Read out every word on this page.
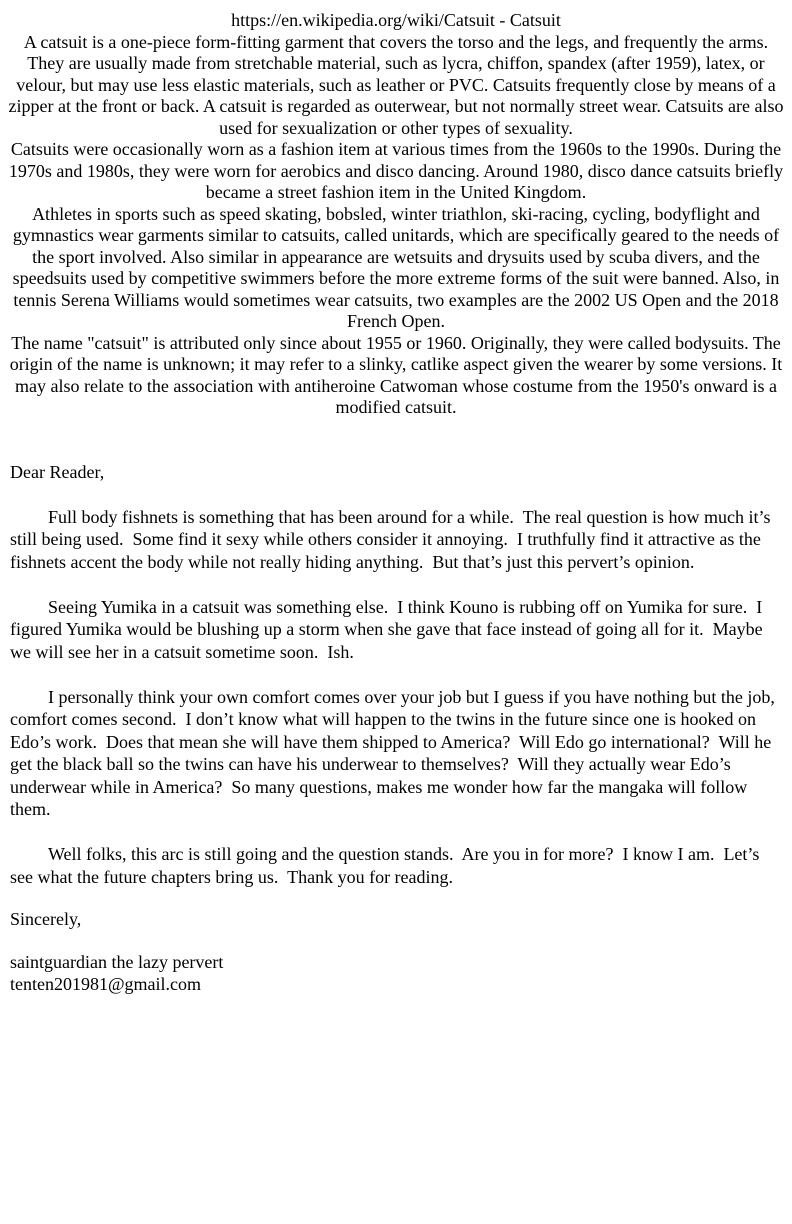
https://en.wikipedia.org/wiki/Catsuit - Catsuit

A catsuit is a one-piece form-fitting garment that covers the torso and the legs, and frequently the arms. They are usually made from stretchable material, such as lycra, chiffon, spandex (after 1959), latex, or velour, but may use less elastic materials, such as leather or PVC. Catsuits frequently close by means of a zipper at the front or back. A catsuit is regarded as outerwear, but not normally street wear. Catsuits are also used for sexualization or other types of sexuality.

Catsuits were occasionally worn as a fashion item at various times from the 1960s to the 1990s. During the 1970s and 1980s, they were worn for aerobics and disco dancing. Around 1980, disco dance catsuits briefly became a street fashion item in the United Kingdom.

Athletes in sports such as speed skating, bobsled, winter triathlon, ski-racing, cycling, bodyflight and gymnastics wear garments similar to catsuits, called unitards, which are specifically geared to the needs of the sport involved. Also similar in appearance are wetsuits and drysuits used by scuba divers, and the speedsuits used by competitive swimmers before the more extreme forms of the suit were banned. Also, in tennis Serena Williams would sometimes wear catsuits, two examples are the 2002 US Open and the 2018 French Open.

The name "catsuit" is attributed only since about 1955 or 1960. Originally, they were called bodysuits. The origin of the name is unknown; it may refer to a slinky, catlike aspect given the wearer by some versions. It may also relate to the association with antiheroine Catwoman whose costume from the 1950's onward is a modified catsuit.

Dear Reader,

Full body fishnets is something that has been around for a while.  The real question is how much it’s still being used.  Some find it sexy while others consider it annoying.  I truthfully find it attractive as the fishnets accent the body while not really hiding anything.  But that’s just this pervert’s opinion.

Seeing Yumika in a catsuit was something else.  I think Kouno is rubbing off on Yumika for sure.  I figured Yumika would be blushing up a storm when she gave that face instead of going all for it.  Maybe we will see her in a catsuit sometime soon.  Ish.

I personally think your own comfort comes over your job but I guess if you have nothing but the job, comfort comes second.  I don’t know what will happen to the twins in the future since one is hooked on Edo’s work.  Does that mean she will have them shipped to America?  Will Edo go international?  Will he get the black ball so the twins can have his underwear to themselves?  Will they actually wear Edo’s underwear while in America?  So many questions, makes me wonder how far the mangaka will follow them.

Well folks, this arc is still going and the question stands.  Are you in for more?  I know I am.  Let’s see what the future chapters bring us.  Thank you for reading.

Sincerely,

saintguardian the lazy pervert
tenten201981@gmail.com
